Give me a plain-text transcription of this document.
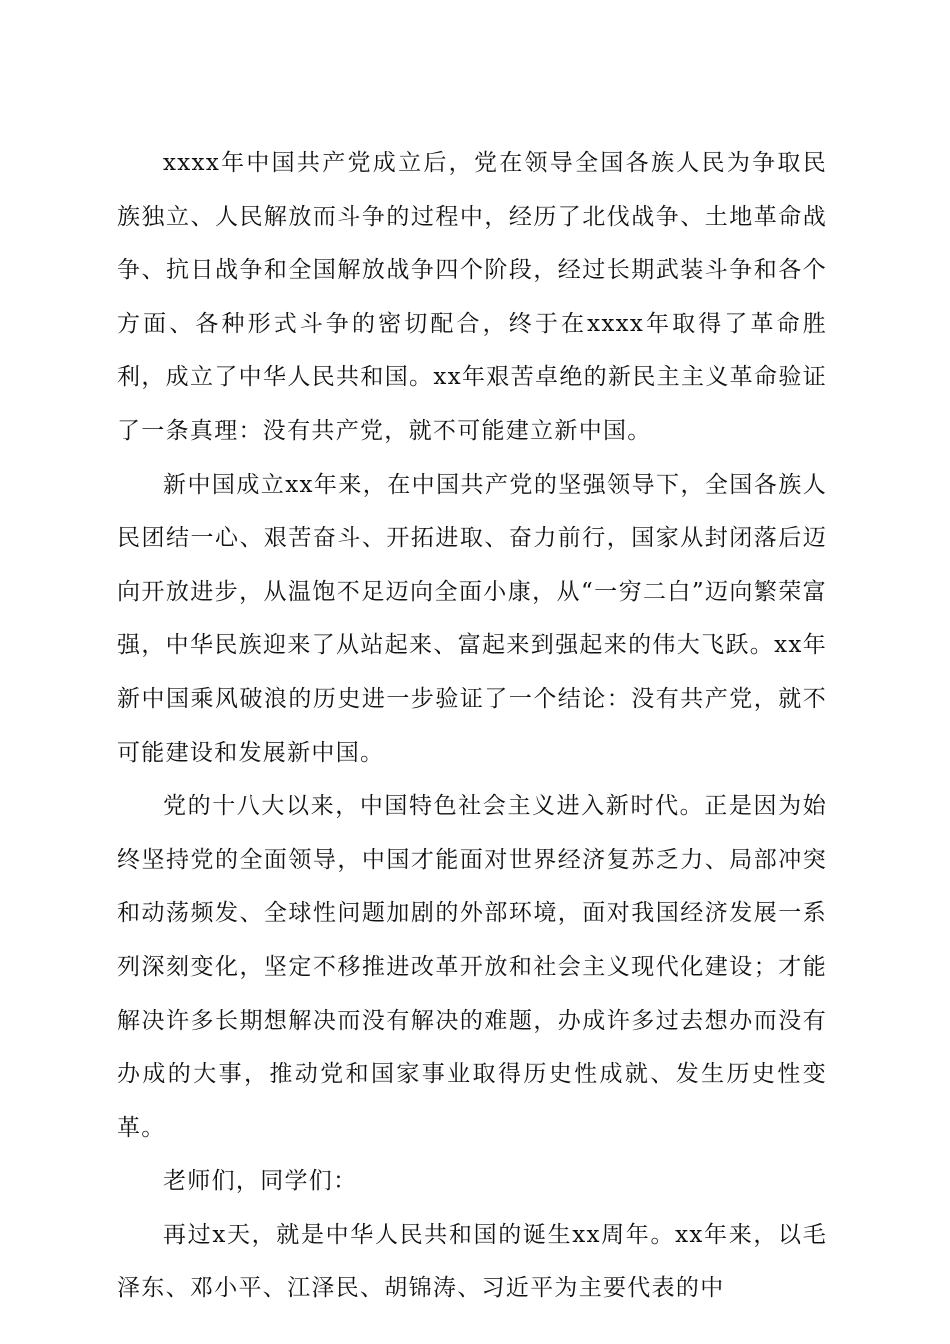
xxxx年中国共产党成立后，党在领导全国各族人民为争取民族独立、人民解放而斗争的过程中，经历了北伐战争、土地革命战争、抗日战争和全国解放战争四个阶段，经过长期武装斗争和各个方面、各种形式斗争的密切配合，终于在xxxx年取得了革命胜利，成立了中华人民共和国。xx年艰苦卓绝的新民主主义革命验证了一条真理：没有共产党，就不可能建立新中国。

新中国成立xx年来，在中国共产党的坚强领导下，全国各族人民团结一心、艰苦奋斗、开拓进取、奋力前行，国家从封闭落后迈向开放进步，从温饱不足迈向全面小康，从“一穷二白”迈向繁荣富强，中华民族迎来了从站起来、富起来到强起来的伟大飞跃。xx年新中国乘风破浪的历史进一步验证了一个结论：没有共产党，就不可能建设和发展新中国。

党的十八大以来，中国特色社会主义进入新时代。正是因为始终坚持党的全面领导，中国才能面对世界经济复苏乏力、局部冲突和动荡频发、全球性问题加剧的外部环境，面对我国经济发展一系列深刻变化，坚定不移推进改革开放和社会主义现代化建设；才能解决许多长期想解决而没有解决的难题，办成许多过去想办而没有办成的大事，推动党和国家事业取得历史性成就、发生历史性变革。

老师们，同学们：

再过x天，就是中华人民共和国的诞生xx周年。xx年来，以毛泽东、邓小平、江泽民、胡锦涛、习近平为主要代表的中
